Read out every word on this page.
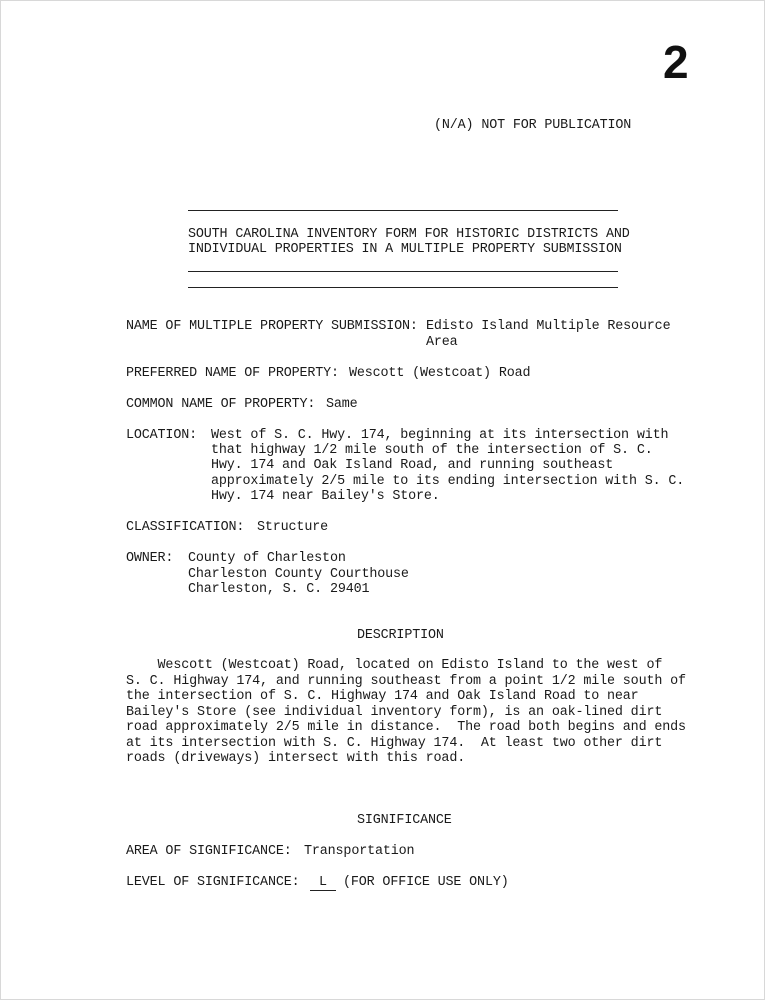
2
(N/A) NOT FOR PUBLICATION
SOUTH CAROLINA INVENTORY FORM FOR HISTORIC DISTRICTS AND
INDIVIDUAL PROPERTIES IN A MULTIPLE PROPERTY SUBMISSION
NAME OF MULTIPLE PROPERTY SUBMISSION: Edisto Island Multiple Resource
Area
PREFERRED NAME OF PROPERTY: Wescott (Westcoat) Road
COMMON NAME OF PROPERTY: Same
LOCATION: West of S. C. Hwy. 174, beginning at its intersection with
that highway 1/2 mile south of the intersection of S. C.
Hwy. 174 and Oak Island Road, and running southeast
approximately 2/5 mile to its ending intersection with S. C.
Hwy. 174 near Bailey's Store.
CLASSIFICATION: Structure
OWNER: County of Charleston
Charleston County Courthouse
Charleston, S. C. 29401
DESCRIPTION
Wescott (Westcoat) Road, located on Edisto Island to the west of
S. C. Highway 174, and running southeast from a point 1/2 mile south of
the intersection of S. C. Highway 174 and Oak Island Road to near
Bailey's Store (see individual inventory form), is an oak-lined dirt
road approximately 2/5 mile in distance.  The road both begins and ends
at its intersection with S. C. Highway 174.  At least two other dirt
roads (driveways) intersect with this road.
SIGNIFICANCE
AREA OF SIGNIFICANCE: Transportation
LEVEL OF SIGNIFICANCE:	L	(FOR OFFICE USE ONLY)
